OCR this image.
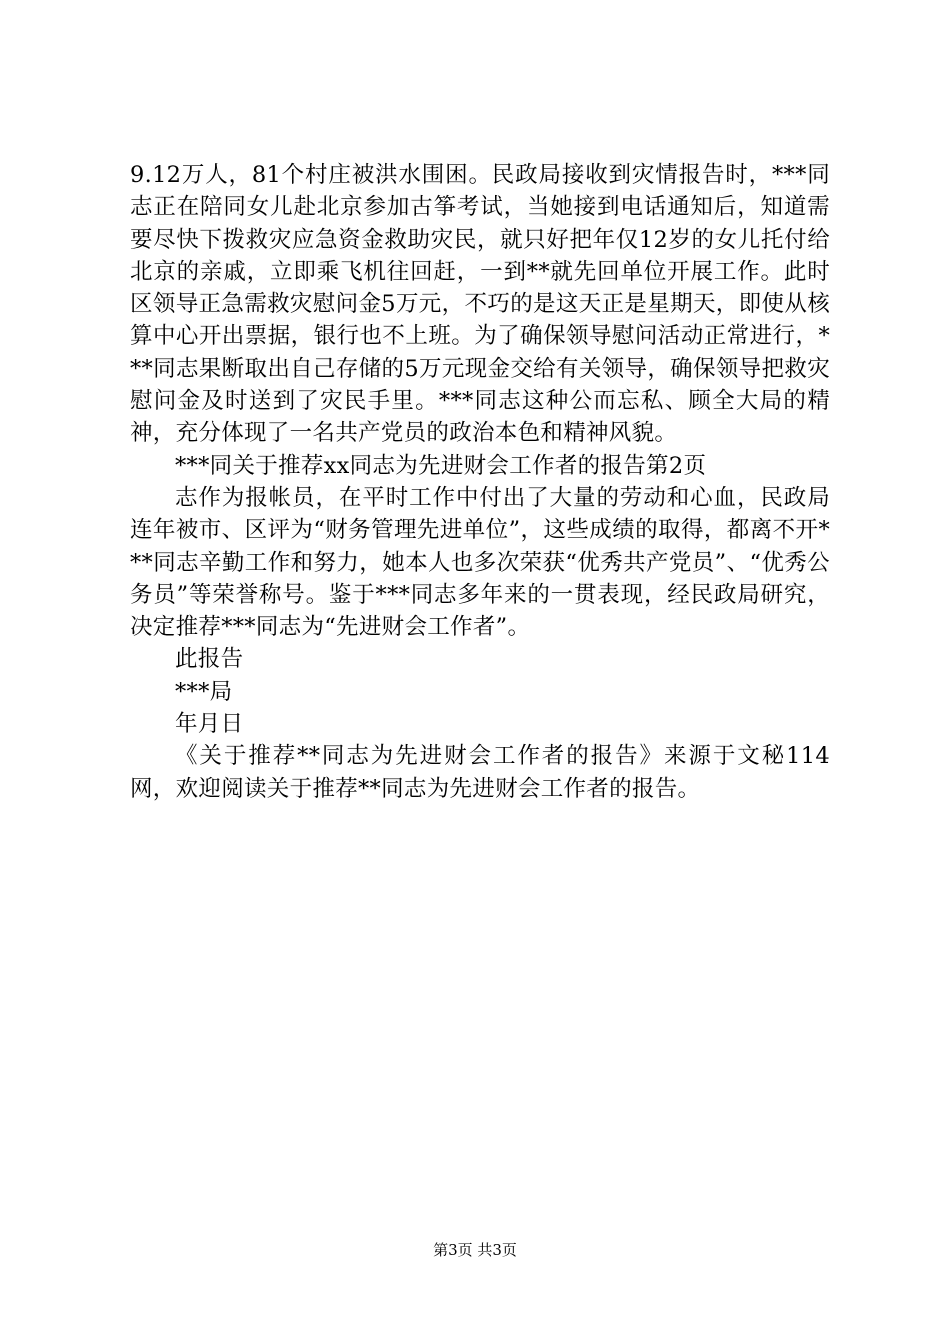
9.12万人，81个村庄被洪水围困。民政局接收到灾情报告时，***同志正在陪同女儿赴北京参加古筝考试，当她接到电话通知后，知道需要尽快下拨救灾应急资金救助灾民，就只好把年仅12岁的女儿托付给北京的亲戚，立即乘飞机往回赶，一到**就先回单位开展工作。此时区领导正急需救灾慰问金5万元，不巧的是这天正是星期天，即使从核算中心开出票据，银行也不上班。为了确保领导慰问活动正常进行，***同志果断取出自己存储的5万元现金交给有关领导，确保领导把救灾慰问金及时送到了灾民手里。***同志这种公而忘私、顾全大局的精神，充分体现了一名共产党员的政治本色和精神风貌。

***同关于推荐xx同志为先进财会工作者的报告第2页

志作为报帐员，在平时工作中付出了大量的劳动和心血，民政局连年被市、区评为“财务管理先进单位”，这些成绩的取得，都离不开***同志辛勤工作和努力，她本人也多次荣获“优秀共产党员”、“优秀公务员”等荣誉称号。鉴于***同志多年来的一贯表现，经民政局研究，决定推荐***同志为“先进财会工作者”。

此报告

***局

年月日

《关于推荐**同志为先进财会工作者的报告》来源于文秘114网，欢迎阅读关于推荐**同志为先进财会工作者的报告。

第3页 共3页
